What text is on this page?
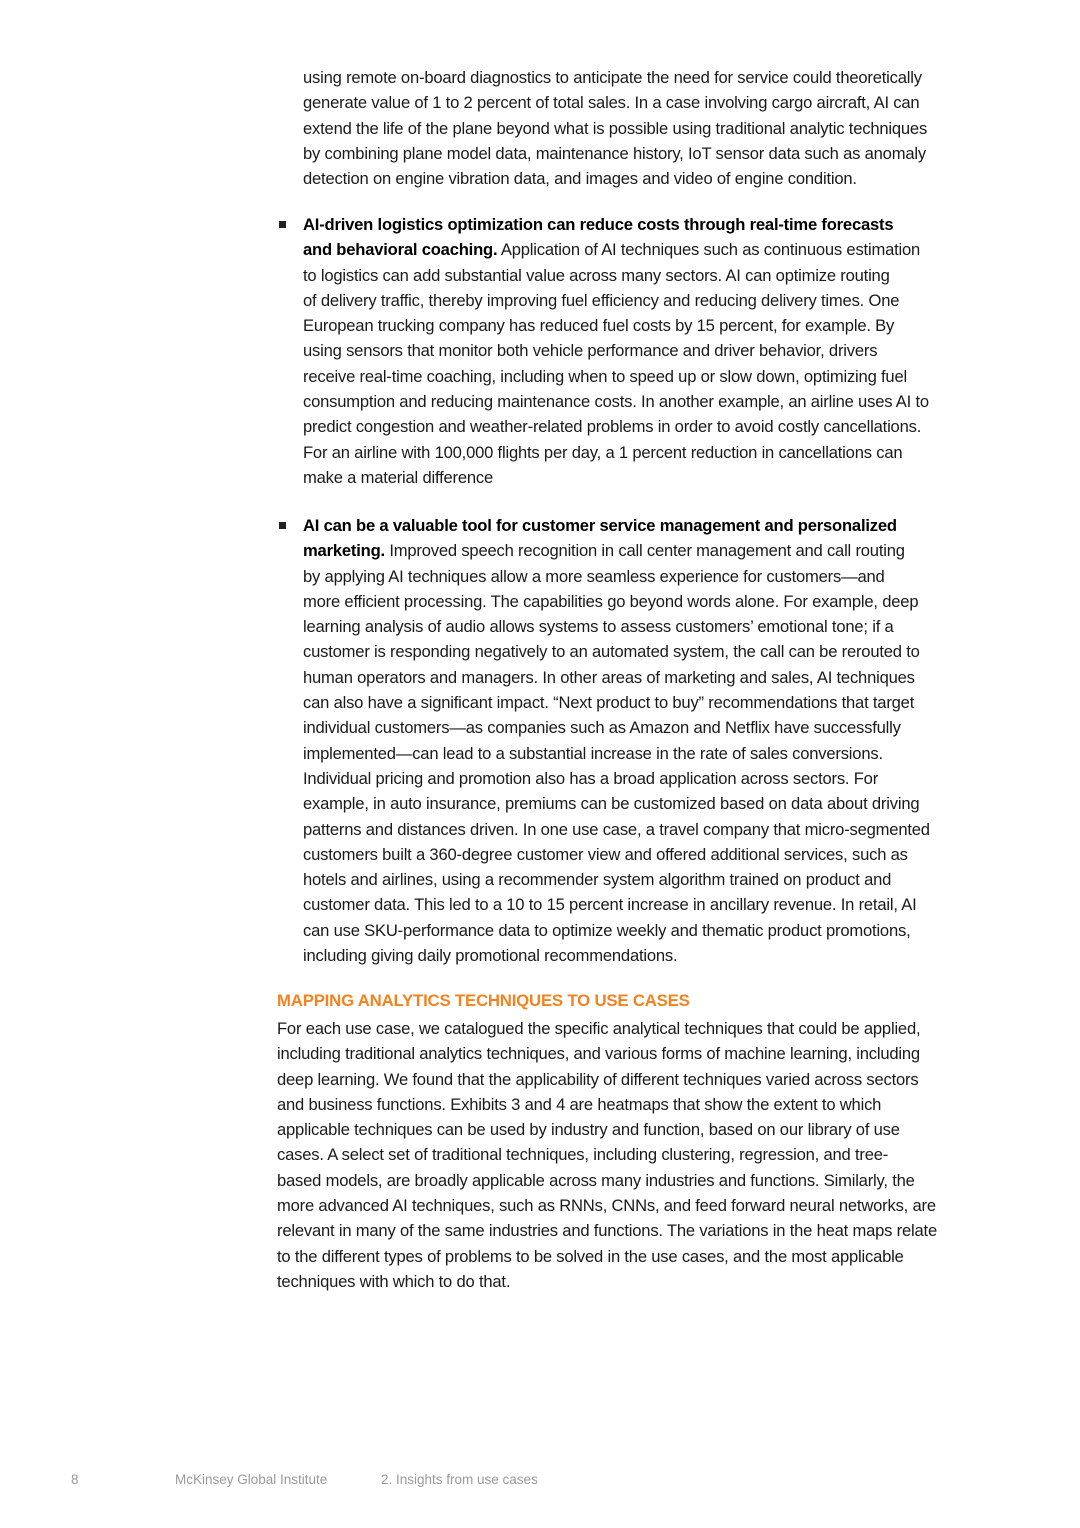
using remote on-board diagnostics to anticipate the need for service could theoretically
generate value of 1 to 2 percent of total sales. In a case involving cargo aircraft, AI can
extend the life of the plane beyond what is possible using traditional analytic techniques
by combining plane model data, maintenance history, IoT sensor data such as anomaly
detection on engine vibration data, and images and video of engine condition.
AI-driven logistics optimization can reduce costs through real-time forecasts
and behavioral coaching. Application of AI techniques such as continuous estimation
to logistics can add substantial value across many sectors. AI can optimize routing
of delivery traffic, thereby improving fuel efficiency and reducing delivery times. One
European trucking company has reduced fuel costs by 15 percent, for example. By
using sensors that monitor both vehicle performance and driver behavior, drivers
receive real-time coaching, including when to speed up or slow down, optimizing fuel
consumption and reducing maintenance costs. In another example, an airline uses AI to
predict congestion and weather-related problems in order to avoid costly cancellations.
For an airline with 100,000 flights per day, a 1 percent reduction in cancellations can
make a material difference
AI can be a valuable tool for customer service management and personalized
marketing. Improved speech recognition in call center management and call routing
by applying AI techniques allow a more seamless experience for customers—and
more efficient processing. The capabilities go beyond words alone. For example, deep
learning analysis of audio allows systems to assess customers’ emotional tone; if a
customer is responding negatively to an automated system, the call can be rerouted to
human operators and managers. In other areas of marketing and sales, AI techniques
can also have a significant impact. “Next product to buy” recommendations that target
individual customers—as companies such as Amazon and Netflix have successfully
implemented—can lead to a substantial increase in the rate of sales conversions.
Individual pricing and promotion also has a broad application across sectors. For
example, in auto insurance, premiums can be customized based on data about driving
patterns and distances driven. In one use case, a travel company that micro-segmented
customers built a 360-degree customer view and offered additional services, such as
hotels and airlines, using a recommender system algorithm trained on product and
customer data. This led to a 10 to 15 percent increase in ancillary revenue. In retail, AI
can use SKU-performance data to optimize weekly and thematic product promotions,
including giving daily promotional recommendations.
MAPPING ANALYTICS TECHNIQUES TO USE CASES
For each use case, we catalogued the specific analytical techniques that could be applied,
including traditional analytics techniques, and various forms of machine learning, including
deep learning. We found that the applicability of different techniques varied across sectors
and business functions. Exhibits 3 and 4 are heatmaps that show the extent to which
applicable techniques can be used by industry and function, based on our library of use
cases. A select set of traditional techniques, including clustering, regression, and tree-
based models, are broadly applicable across many industries and functions. Similarly, the
more advanced AI techniques, such as RNNs, CNNs, and feed forward neural networks, are
relevant in many of the same industries and functions. The variations in the heat maps relate
to the different types of problems to be solved in the use cases, and the most applicable
techniques with which to do that.
8	McKinsey Global Institute	2. Insights from use cases
